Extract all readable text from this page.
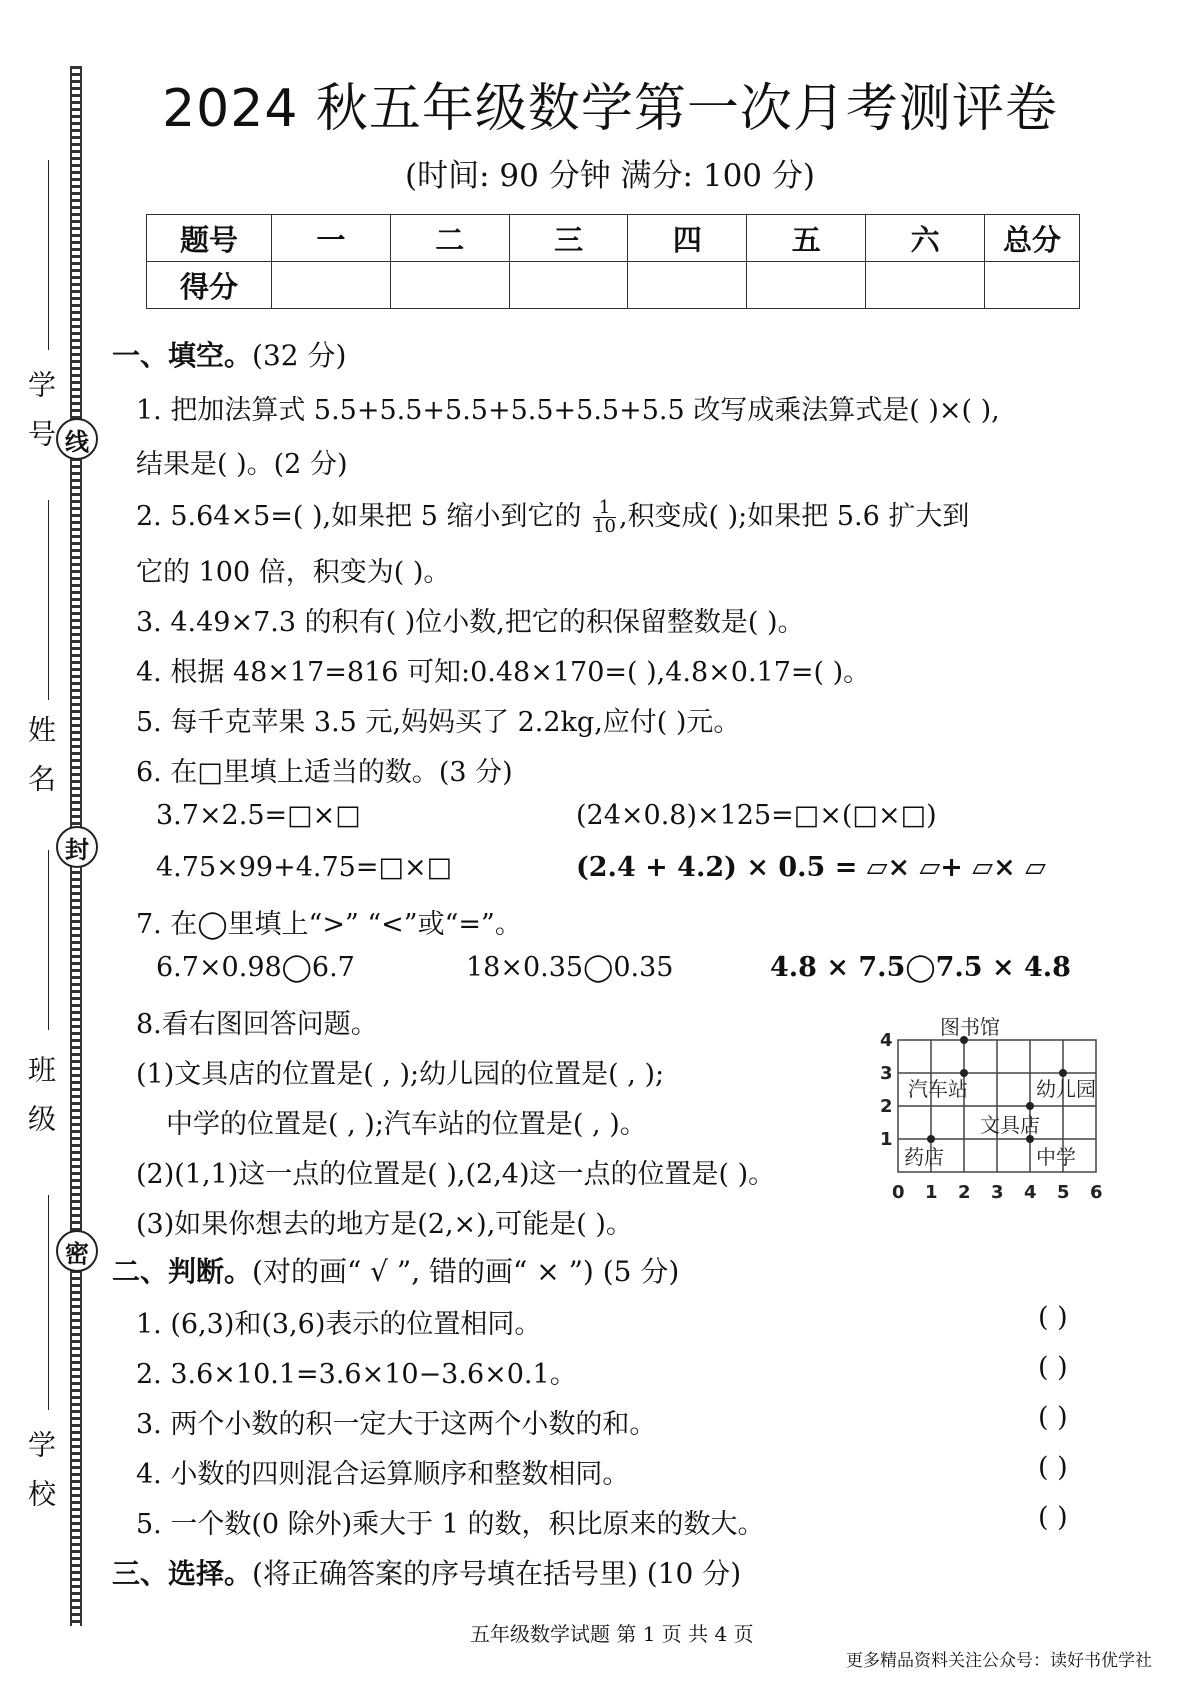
线
封
密
学 号
姓 名
班 级
学 校
2024 秋五年级数学第一次月考测评卷
(时间: 90 分钟 满分: 100 分)
题号	一	二	三	四	五	六	总分
得分							
一、填空。(32 分)
1. 把加法算式 5.5+5.5+5.5+5.5+5.5+5.5 改写成乘法算式是( )×( ),
结果是( )。(2 分)
2. 5.64×5=( ),如果把 5 缩小到它的 $\frac{1}{10}$ ,积变成( );如果把 5.6 扩大到
它的 100 倍，积变为( )。
3. 4.49×7.3 的积有( )位小数,把它的积保留整数是( )。
4. 根据 48×17=816 可知:0.48×170=( ),4.8×0.17=( )。
5. 每千克苹果 3.5 元,妈妈买了 2.2kg,应付( )元。
6. 在□里填上适当的数。(3 分)
3.7×2.5=□×□	(24×0.8)×125=□×(□×□)
4.75×99+4.75=□×□	(2.4 + 4.2) × 0.5 = ▱× ▱+ ▱× ▱
7. 在◯里填上“>” “<”或“=”。
6.7×0.98◯6.7	18×0.35◯0.35	4.8 × 7.5◯7.5 × 4.8
8.看右图回答问题。
(1)文具店的位置是( , );幼儿园的位置是( , );
中学的位置是( , );汽车站的位置是( , )。
(2)(1,1)这一点的位置是( ),(2,4)这一点的位置是( )。
(3)如果你想去的地方是(2,×),可能是( )。
图书馆
汽车站	幼儿园
文具店
药店	中学
0 1 2 3 4 5 6
1
2
3
4
二、判断。(对的画“ √ ”, 错的画“ × ”) (5 分)
1. (6,3)和(3,6)表示的位置相同。	( )
2. 3.6×10.1=3.6×10−3.6×0.1。	( )
3. 两个小数的积一定大于这两个小数的和。	( )
4. 小数的四则混合运算顺序和整数相同。	( )
5. 一个数(0 除外)乘大于 1 的数，积比原来的数大。	( )
三、选择。(将正确答案的序号填在括号里) (10 分)
五年级数学试题 第 1 页 共 4 页
更多精品资料关注公众号：读好书优学社
